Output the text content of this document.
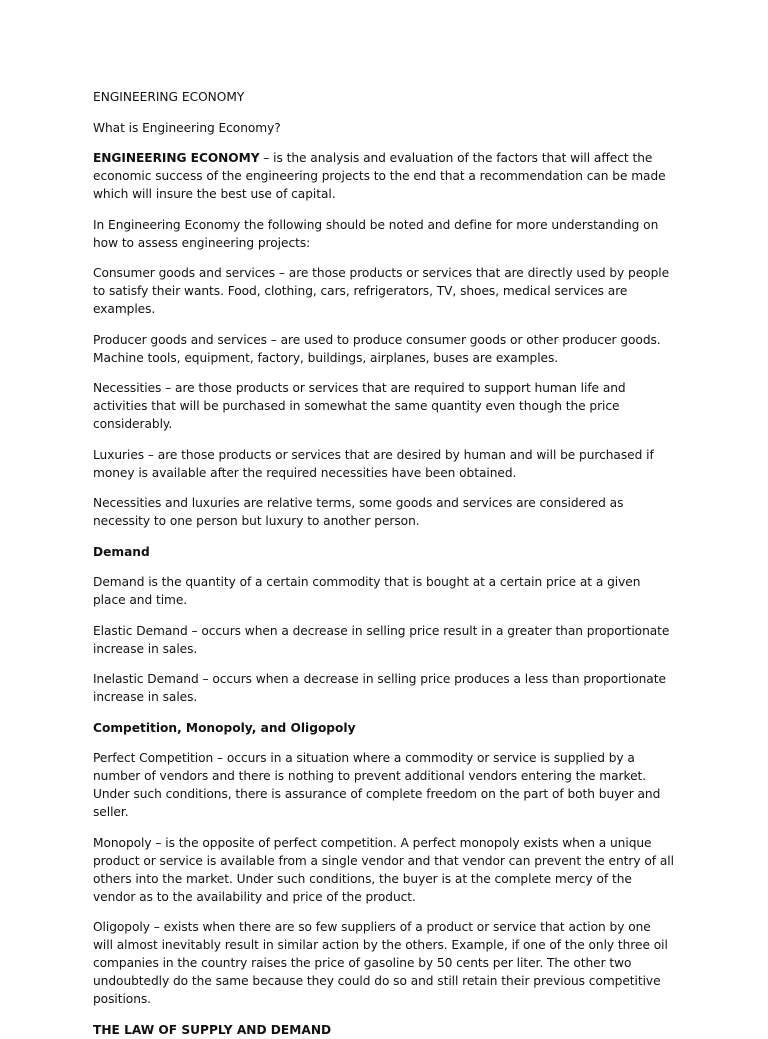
ENGINEERING ECONOMY

What is Engineering Economy?

ENGINEERING ECONOMY – is the analysis and evaluation of the factors that will affect the economic success of the engineering projects to the end that a recommendation can be made which will insure the best use of capital.

In Engineering Economy the following should be noted and define for more understanding on how to assess engineering projects:

Consumer goods and services – are those products or services that are directly used by people to satisfy their wants. Food, clothing, cars, refrigerators, TV, shoes, medical services are examples.

Producer goods and services – are used to produce consumer goods or other producer goods. Machine tools, equipment, factory, buildings, airplanes, buses are examples.

Necessities – are those products or services that are required to support human life and activities that will be purchased in somewhat the same quantity even though the price considerably.

Luxuries – are those products or services that are desired by human and will be purchased if money is available after the required necessities have been obtained.

Necessities and luxuries are relative terms, some goods and services are considered as necessity to one person but luxury to another person.

Demand

Demand is the quantity of a certain commodity that is bought at a certain price at a given place and time.

Elastic Demand – occurs when a decrease in selling price result in a greater than proportionate increase in sales.

Inelastic Demand – occurs when a decrease in selling price produces a less than proportionate increase in sales.

Competition, Monopoly, and Oligopoly

Perfect Competition – occurs in a situation where a commodity or service is supplied by a number of vendors and there is nothing to prevent additional vendors entering the market. Under such conditions, there is assurance of complete freedom on the part of both buyer and seller.

Monopoly – is the opposite of perfect competition. A perfect monopoly exists when a unique product or service is available from a single vendor and that vendor can prevent the entry of all others into the market. Under such conditions, the buyer is at the complete mercy of the vendor as to the availability and price of the product.

Oligopoly – exists when there are so few suppliers of a product or service that action by one will almost inevitably result in similar action by the others. Example, if one of the only three oil companies in the country raises the price of gasoline by 50 cents per liter. The other two undoubtedly do the same because they could do so and still retain their previous competitive positions.

THE LAW OF SUPPLY AND DEMAND
